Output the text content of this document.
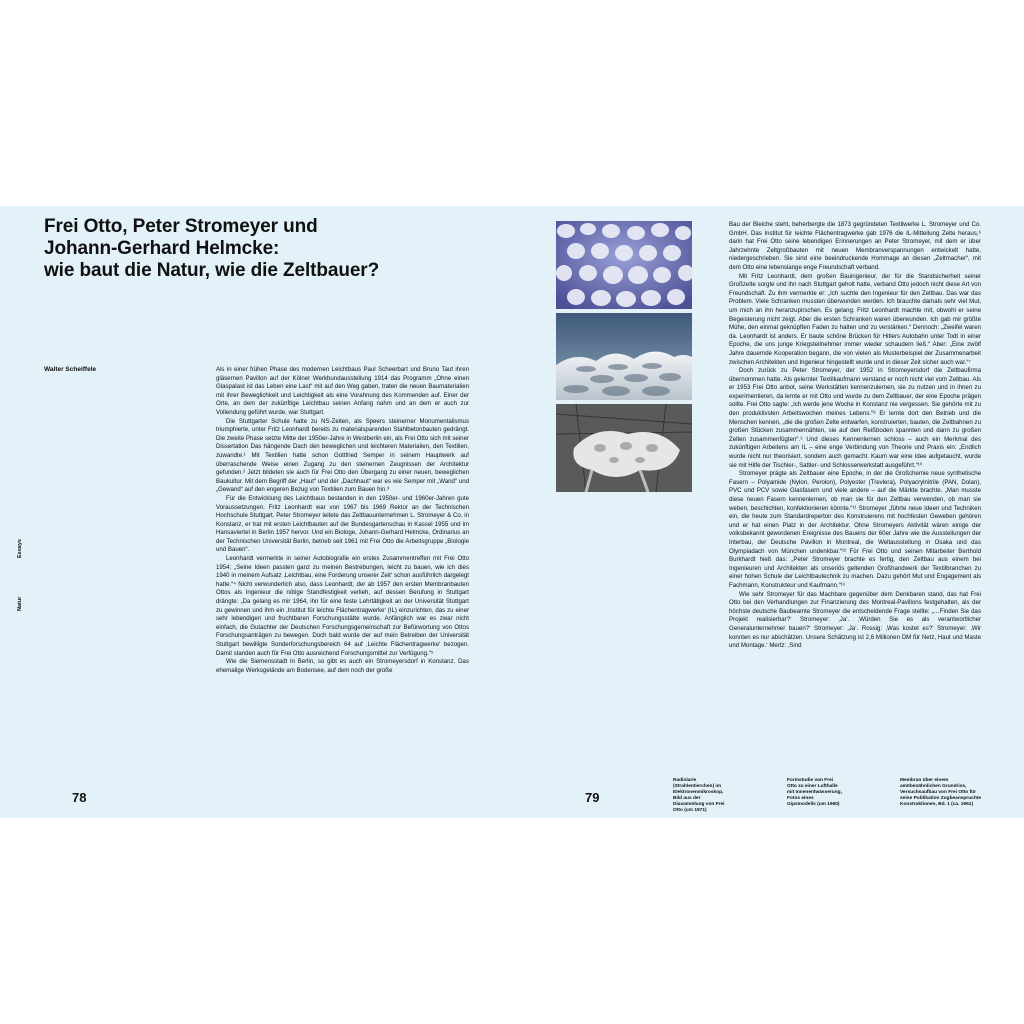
Frei Otto, Peter Stromeyer und
Johann-Gerhard Helmcke:
wie baut die Natur, wie die Zeltbauer?
Walter Scheiffele
Essays
Natur

Als in einer frühen Phase des modernen Leichtbaus Paul Scheerbart und Bruno Taut ihren gläsernen Pavillon auf der Kölner Werkbundausstellung 1914 das Programm „Ohne einen Glaspalast ist das Leben eine Last“ mit auf den Weg gaben, traten die neuen Baumaterialien mit ihrer Beweglichkeit und Leichtigkeit als eine Vorahnung des Kommenden auf. Einer der Orte, an dem der zukünftige Leichtbau seinen Anfang nahm und an dem er auch zur Vollendung geführt wurde, war Stuttgart.

Die Stuttgarter Schule hatte zu NS-Zeiten, als Speers steinerner Monumentalismus triumphierte, unter Fritz Leonhardt bereits zu materialsparenden Stahlbetonbauten gedrängt. Die zweite Phase setzte Mitte der 1950er-Jahre in Westberlin ein, als Frei Otto sich mit seiner Dissertation Das hängende Dach den beweglichen und leichteren Materialien, den Textilien, zuwandte.¹ Mit Textilien hatte schon Gottfried Semper in seinem Hauptwerk auf überraschende Weise einen Zugang zu den steinernen Zeugnissen der Architektur gefunden.² Jetzt bildeten sie auch für Frei Otto den Übergang zu einer neuen, beweglichen Baukultur. Mit dem Begriff der „Haut“ und der „Dachhaut“ war es wie Semper mit „Wand“ und „Gewand“ auf den engeren Bezug von Textilien zum Bauen hin.³

Für die Entwicklung des Leichtbaus bestanden in den 1950er- und 1960er-Jahren gute Voraussetzungen. Fritz Leonhardt war von 1967 bis 1969 Rektor an der Technischen Hochschule Stuttgart. Peter Stromeyer leitete das Zeltbauunternehmen L. Stromeyer & Co. in Konstanz, er trat mit ersten Leichtbauten auf der Bundesgartenschau in Kassel 1955 und im Hansaviertel in Berlin 1957 hervor. Und ein Biologe, Johann-Gerhard Helmcke, Ordinarius an der Technischen Universität Berlin, betrieb seit 1961 mit Frei Otto die Arbeitsgruppe „Biologie und Bauen“.

Leonhardt vermerkte in seiner Autobiografie ein erstes Zusammentreffen mit Frei Otto 1954: „Seine Ideen passten ganz zu meinen Bestrebungen, leicht zu bauen, wie ich dies 1940 in meinem Aufsatz ‚Leichtbau, eine Forderung unserer Zeit‘ schon ausführlich dargelegt hatte.“⁴ Nicht verwunderlich also, dass Leonhardt, der ab 1957 den ersten Membranbauten Ottos als Ingenieur die nötige Standfestigkeit verlieh, auf dessen Berufung in Stuttgart drängte: „Da gelang es mir 1964, ihn für eine feste Lehrtätigkeit an der Universität Stuttgart zu gewinnen und ihm ein ‚Institut für leichte Flächentragwerke‘ (IL) einzurichten, das zu einer sehr lebendigen und fruchtbaren Forschungsstätte wurde. Anfänglich war es zwar nicht einfach, die Gutachter der Deutschen Forschungsgemeinschaft zur Befürwortung von Ottos Forschungsanträgen zu bewegen. Doch bald wurde der auf mein Betreiben der Universität Stuttgart bewilligte Sonderforschungsbereich 64 auf ‚Leichte Flächentragwerke‘ bezogen. Damit standen auch für Frei Otto ausreichend Forschungsmittel zur Verfügung.“⁵

Wie die Siemensstadt in Berlin, so gibt es auch ein Stromeyersdorf in Konstanz. Das ehemalige Werksgelände am Bodensee, auf dem noch der große

78

Bau der Bleiche steht, beherbergte die 1873 gegründeten Textilwerke L. Stromeyer und Co. GmbH. Das Institut für leichte Flächentragwerke gab 1976 die IL-Mitteilung Zelte heraus,⁶ darin hat Frei Otto seine lebendigen Erinnerungen an Peter Stromeyer, mit dem er über Jahrzehnte Zeltgroßbauten mit neuen Membranverspannungen entwickelt hatte, niedergeschrieben. Sie sind eine beeindruckende Hommage an diesen „Zeltmacher“, mit dem Otto eine lebenslange enge Freundschaft verband.

Mit Fritz Leonhardt, dem großen Bauingenieur, der für die Standsicherheit seiner Großzelte sorgte und ihn nach Stuttgart geholt hatte, verband Otto jedoch nicht diese Art von Freundschaft. Zu ihm vermerkte er: „Ich suchte den Ingenieur für den Zeltbau. Das war das Problem. Viele Schranken mussten überwunden werden. Ich brauchte damals sehr viel Mut, um mich an ihn heranzupirschen. Es gelang. Fritz Leonhardt machte mit, obwohl er seine Begeisterung nicht zeigt. Aber die ersten Schranken waren überwunden. Ich gab mir größte Mühe, den einmal geknüpften Faden zu halten und zu verstärken.“ Dennoch: „Zweifel waren da. Leonhardt ist anders. Er baute schöne Brücken für Hitlers Autobahn unter Todt in einer Epoche, die uns junge Kriegsteilnehmer immer wieder schaudern ließ.“ Aber: „Eine zwölf Jahre dauernde Kooperation begann, die von vielen als Musterbeispiel der Zusammenarbeit zwischen Architekten und Ingenieur hingestellt wurde und in dieser Zeit sicher auch war.“⁷

Doch zurück zu Peter Stromeyer, der 1952 in Stromeyersdorf die Zeltbaufirma übernommen hatte. Als gelernter Textilkaufmann verstand er noch nicht viel vom Zeltbau. Als er 1953 Frei Otto anbot, seine Werkstätten kennenzulernen, sie zu nutzen und in ihnen zu experimentieren, da lernte er mit Otto und wurde zu dem Zeltbauer, der eine Epoche prägen sollte. Frei Otto sagte: „Ich werde jene Woche in Konstanz nie vergessen. Sie gehörte mit zu den produktivsten Arbeitswochen meines Lebens.“⁸ Er lernte dort den Betrieb und die Menschen kennen, „die die großen Zelte entwarfen, konstruierten, bauten, die Zeltbahnen zu großen Stücken zusammennähten, sie auf den Reißboden spannten und dann zu großen Zelten zusammenfügten“.⁹ Und dieses Kennenlernen schloss – auch ein Merkmal des zukünftigen Arbeitens am IL – eine enge Verbindung von Theorie und Praxis ein: „Endlich wurde nicht nur theorisiert, sondern auch gemacht. Kaum war eine Idee aufgetaucht, wurde sie mit Hilfe der Tischler-, Sattler- und Schlosserwerkstatt ausgeführt.“¹⁰

Stromeyer prägte als Zeltbauer eine Epoche, in der die Großchemie neue synthetische Fasern – Polyamide (Nylon, Perolon), Polyester (Trevlera), Polyacrylnitrile (PAN, Dolan), PVC und PCV sowie Glasfasern und viele andere – auf die Märkte brachte. „Man musste diese neuen Fasern kennenlernen, ob man sie für den Zeltbau verwenden, ob man sie weben, beschichten, konfektionieren könnte.“¹¹ Stromeyer „führte neue Ideen und Techniken ein, die heute zum Standardrepertoir des Konstruierens mit hochfesten Geweben gehören und er hat einen Platz in der Architektur. Ohne Stromeyers Aktivität wären einige der volksbekannt gewordenen Ereignisse des Bauens der 60er Jahre wie die Ausstellungen der Interbau, der Deutsche Pavillon in Montreal, die Weltausstellung in Osaka und das Olympiadach von München undenkbar.“¹² Für Frei Otto und seinen Mitarbeiter Berthold Burkhardt hieß das: „Peter Stromeyer brachte es fertig, den Zeltbau aus einem bei Ingenieuren und Architekten als unseriös geltenden Großhandwerk der Textilbranchen zu einer hohen Schule der Leichtbautechnik zu machen. Dazu gehört Mut und Engagement als Fachmann, Konstrukteur und Kaufmann.“¹³

Wie sehr Stromeyer für das Machbare gegenüber dem Denkbaren stand, das hat Frei Otto bei den Verhandlungen zur Finanzierung des Montreal-Pavillons festgehalten, als der höchste deutsche Baubeamte Stromeyer die entscheidende Frage stellte: „…Finden Sie das Projekt realisierbar?‘ Stromeyer: ‚Ja‘. ‚Würden Sie es als verantwortlicher Generalunternehmer bauen?‘ Stromeyer: ‚Ja‘. Rossig: ‚Was kostet es?‘ Stromeyer: ‚Wir konnten es nur abschätzen. Unsere Schätzung ist 2,6 Millionen DM für Netz, Haut und Maste und Montage.‘ Mertz: ‚Sind

79
Radiolarie (Strahlentierchen) im Elektronenmikroskop, Bild aus der Diasammlung von Frei Otto (um 1971)
Formstudie von Frei Otto zu einer Lufthalle mit Innenentwässerung, Fotos eines Gipsmodells (um 1960)
Membran über einem amöbenähnlichen Grundriss, Versuchsaufbau von Frei Otto für seine Publikation Zugbeanspruchte Konstruktionen, Bd. 1 (ca. 1961)
